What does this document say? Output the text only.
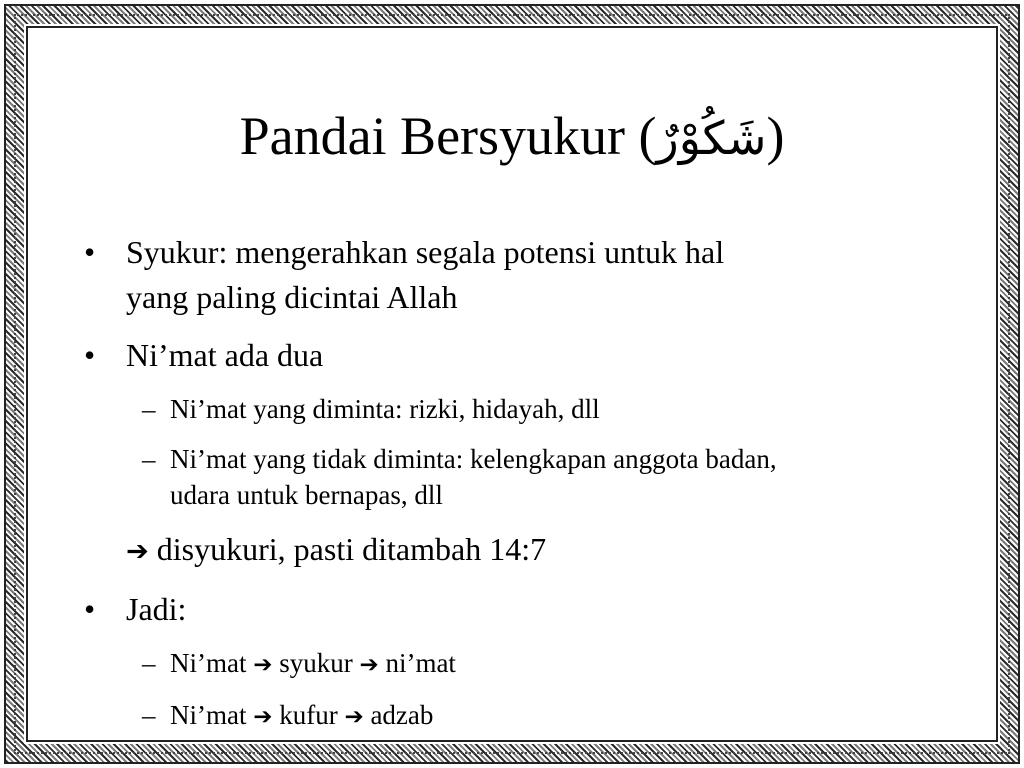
Pandai Bersyukur (شَكُوْرٌ)
• Syukur: mengerahkan segala potensi untuk hal
yang paling dicintai Allah
• Ni’mat ada dua
– Ni’mat yang diminta: rizki, hidayah, dll
– Ni’mat yang tidak diminta: kelengkapan anggota badan,
udara untuk bernapas, dll
➔ disyukuri, pasti ditambah 14:7
• Jadi:
– Ni’mat ➔ syukur ➔ ni’mat
– Ni’mat ➔ kufur ➔ adzab
